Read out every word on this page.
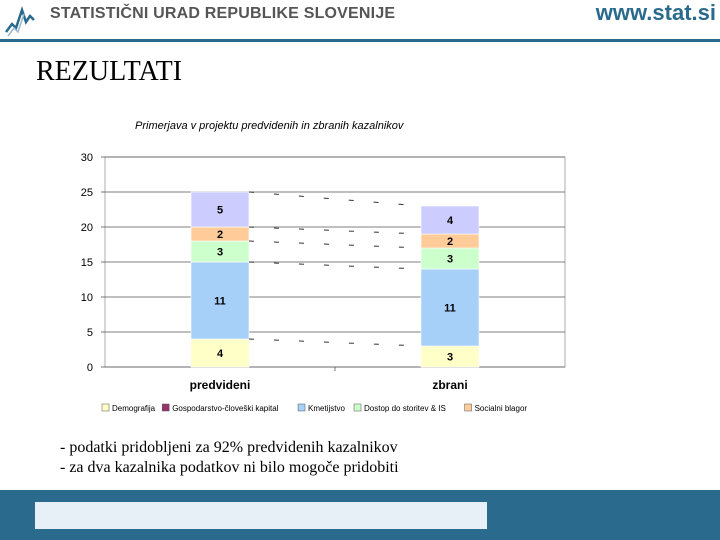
STATISTIČNI URAD REPUBLIKE SLOVENIJE	www.stat.si
REZULTATI
Primerjava v projektu predvidenih in zbranih kazalnikov
0
5
10
15
20
25
30
4
11
3
2
5
predvideni
3
11
3
2
4
zbrani
Demografija Gospodarstvo-človeški kapital	Kmetijstvo Dostop do storitev & IS	Socialni blagor
- podatki pridobljeni za 92% predvidenih kazalnikov
- za dva kazalnika podatkov ni bilo mogoče pridobiti
